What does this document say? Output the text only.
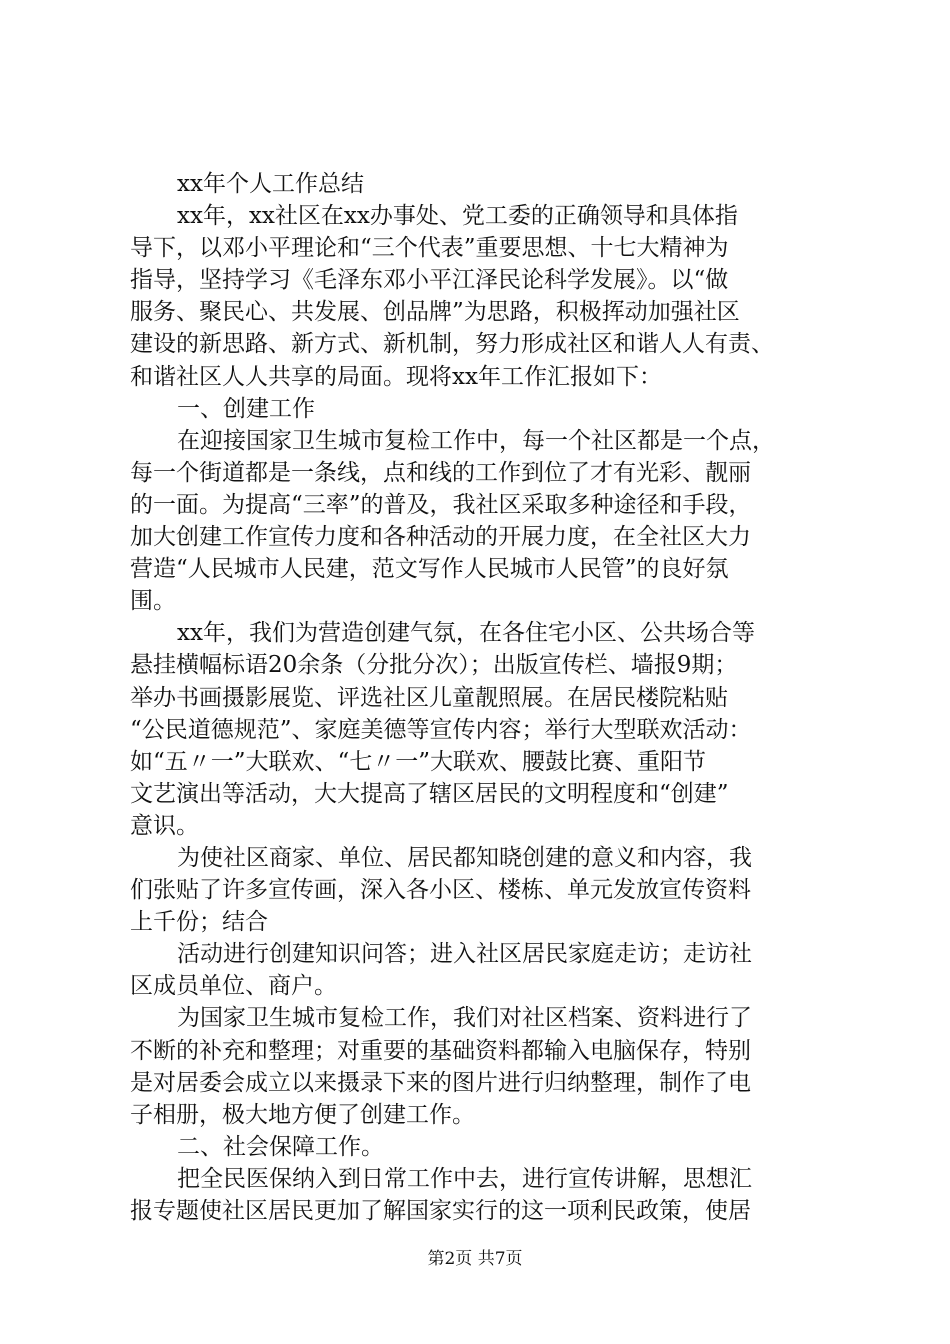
xx年个人工作总结
xx年，xx社区在xx办事处、党工委的正确领导和具体指
导下，以邓小平理论和“三个代表”重要思想、十七大精神为
指导，坚持学习《毛泽东邓小平江泽民论科学发展》。以“做
服务、聚民心、共发展、创品牌”为思路，积极挥动加强社区
建设的新思路、新方式、新机制，努力形成社区和谐人人有责、
和谐社区人人共享的局面。现将xx年工作汇报如下：
一、创建工作
在迎接国家卫生城市复检工作中，每一个社区都是一个点，
每一个街道都是一条线，点和线的工作到位了才有光彩、靓丽
的一面。为提高“三率”的普及，我社区采取多种途径和手段，
加大创建工作宣传力度和各种活动的开展力度，在全社区大力
营造“人民城市人民建，范文写作人民城市人民管”的良好氛
围。
xx年，我们为营造创建气氛，在各住宅小区、公共场合等
悬挂横幅标语20余条（分批分次）；出版宣传栏、墙报9期；
举办书画摄影展览、评选社区儿童靓照展。在居民楼院粘贴
“公民道德规范”、家庭美德等宣传内容；举行大型联欢活动：
如“五〃一”大联欢、“七〃一”大联欢、腰鼓比赛、重阳节
文艺演出等活动，大大提高了辖区居民的文明程度和“创建”
意识。
为使社区商家、单位、居民都知晓创建的意义和内容，我
们张贴了许多宣传画，深入各小区、楼栋、单元发放宣传资料
上千份；结合
活动进行创建知识问答；进入社区居民家庭走访；走访社
区成员单位、商户。
为国家卫生城市复检工作，我们对社区档案、资料进行了
不断的补充和整理；对重要的基础资料都输入电脑保存，特别
是对居委会成立以来摄录下来的图片进行归纳整理，制作了电
子相册，极大地方便了创建工作。
二、社会保障工作。
把全民医保纳入到日常工作中去，进行宣传讲解，思想汇
报专题使社区居民更加了解国家实行的这一项利民政策，使居
第2页 共7页
